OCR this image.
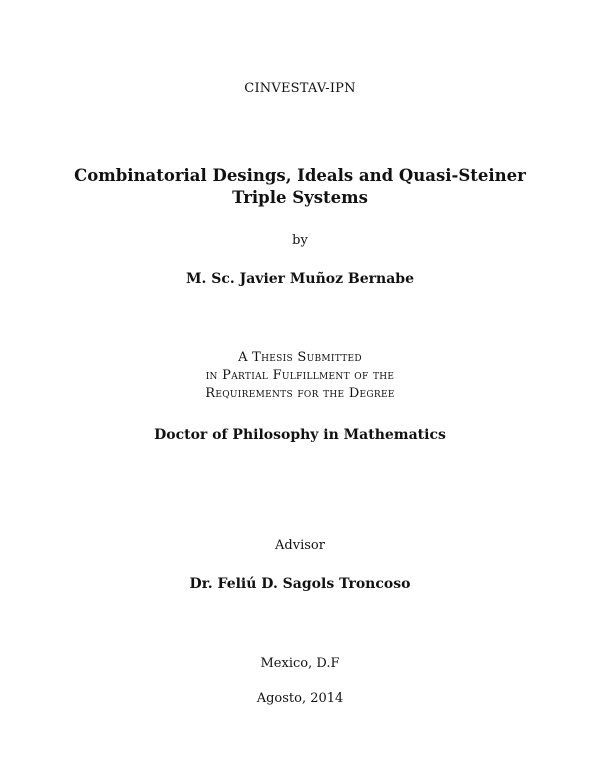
CINVESTAV-IPN
Combinatorial Desings, Ideals and Quasi-Steiner
Triple Systems
by
M. Sc. Javier Muñoz Bernabe
A Thesis Submitted
in Partial Fulfillment of the
Requirements for the Degree
Doctor of Philosophy in Mathematics
Advisor
Dr. Feliú D. Sagols Troncoso
Mexico, D.F
Agosto, 2014
